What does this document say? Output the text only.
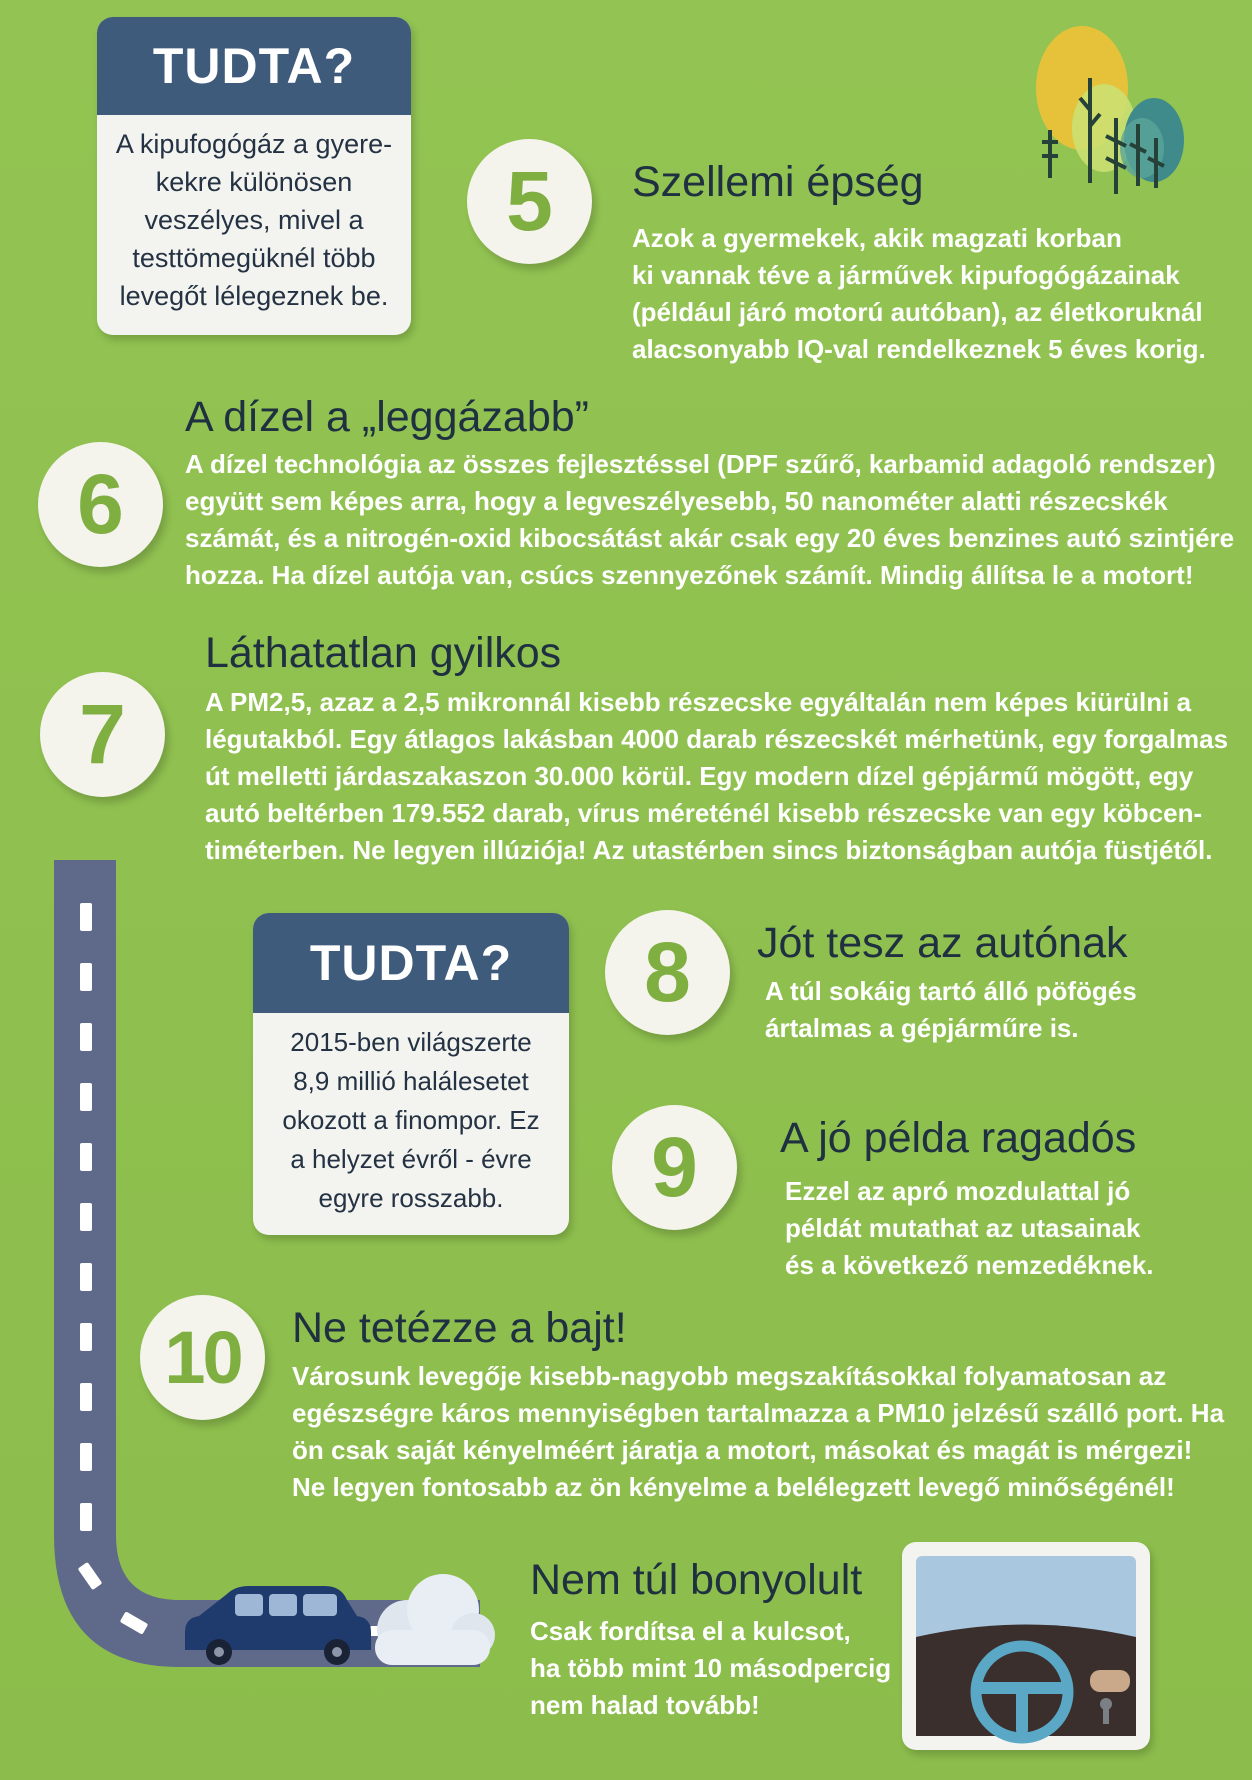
TUDTA?
A kipufogógáz a gyere-
kekre különösen
veszélyes, mivel a
testtömegüknél több
levegőt lélegeznek be.
5	Szellemi épség
Azok a gyermekek, akik magzati korban
ki vannak téve a járművek kipufogógázainak
(például járó motorú autóban), az életkoruknál
alacsonyabb IQ-val rendelkeznek 5 éves korig.
6
A dízel a „leggázabb”
A dízel technológia az összes fejlesztéssel (DPF szűrő, karbamid adagoló rendszer)
együtt sem képes arra, hogy a legveszélyesebb, 50 nanométer alatti részecskék
számát, és a nitrogén-oxid kibocsátást akár csak egy 20 éves benzines autó szintjére
hozza. Ha dízel autója van, csúcs szennyezőnek számít. Mindig állítsa le a motort!
7
Láthatatlan gyilkos
A PM2,5, azaz a 2,5 mikronnál kisebb részecske egyáltalán nem képes kiürülni a
légutakból. Egy átlagos lakásban 4000 darab részecskét mérhetünk, egy forgalmas
út melletti járdaszakaszon 30.000 körül. Egy modern dízel gépjármű mögött, egy
autó beltérben 179.552 darab, vírus méreténél kisebb részecske van egy köbcen-
timéterben. Ne legyen illúziója! Az utastérben sincs biztonságban autója füstjétől.
TUDTA?
2015-ben világszerte
8,9 millió halálesetet
okozott a finompor. Ez
a helyzet évről - évre
egyre rosszabb.
8	Jót tesz az autónak
A túl sokáig tartó álló pöfögés
ártalmas a gépjárműre is.
9	A jó példa ragadós
Ezzel az apró mozdulattal jó
példát mutathat az utasainak
és a következő nemzedéknek.
10	Ne tetézze a bajt!
Városunk levegője kisebb-nagyobb megszakításokkal folyamatosan az
egészségre káros mennyiségben tartalmazza a PM10 jelzésű szálló port. Ha
ön csak saját kényelméért járatja a motort, másokat és magát is mérgezi!
Ne legyen fontosabb az ön kényelme a belélegzett levegő minőségénél!
Nem túl bonyolult
Csak fordítsa el a kulcsot,
ha több mint 10 másodpercig
nem halad tovább!
